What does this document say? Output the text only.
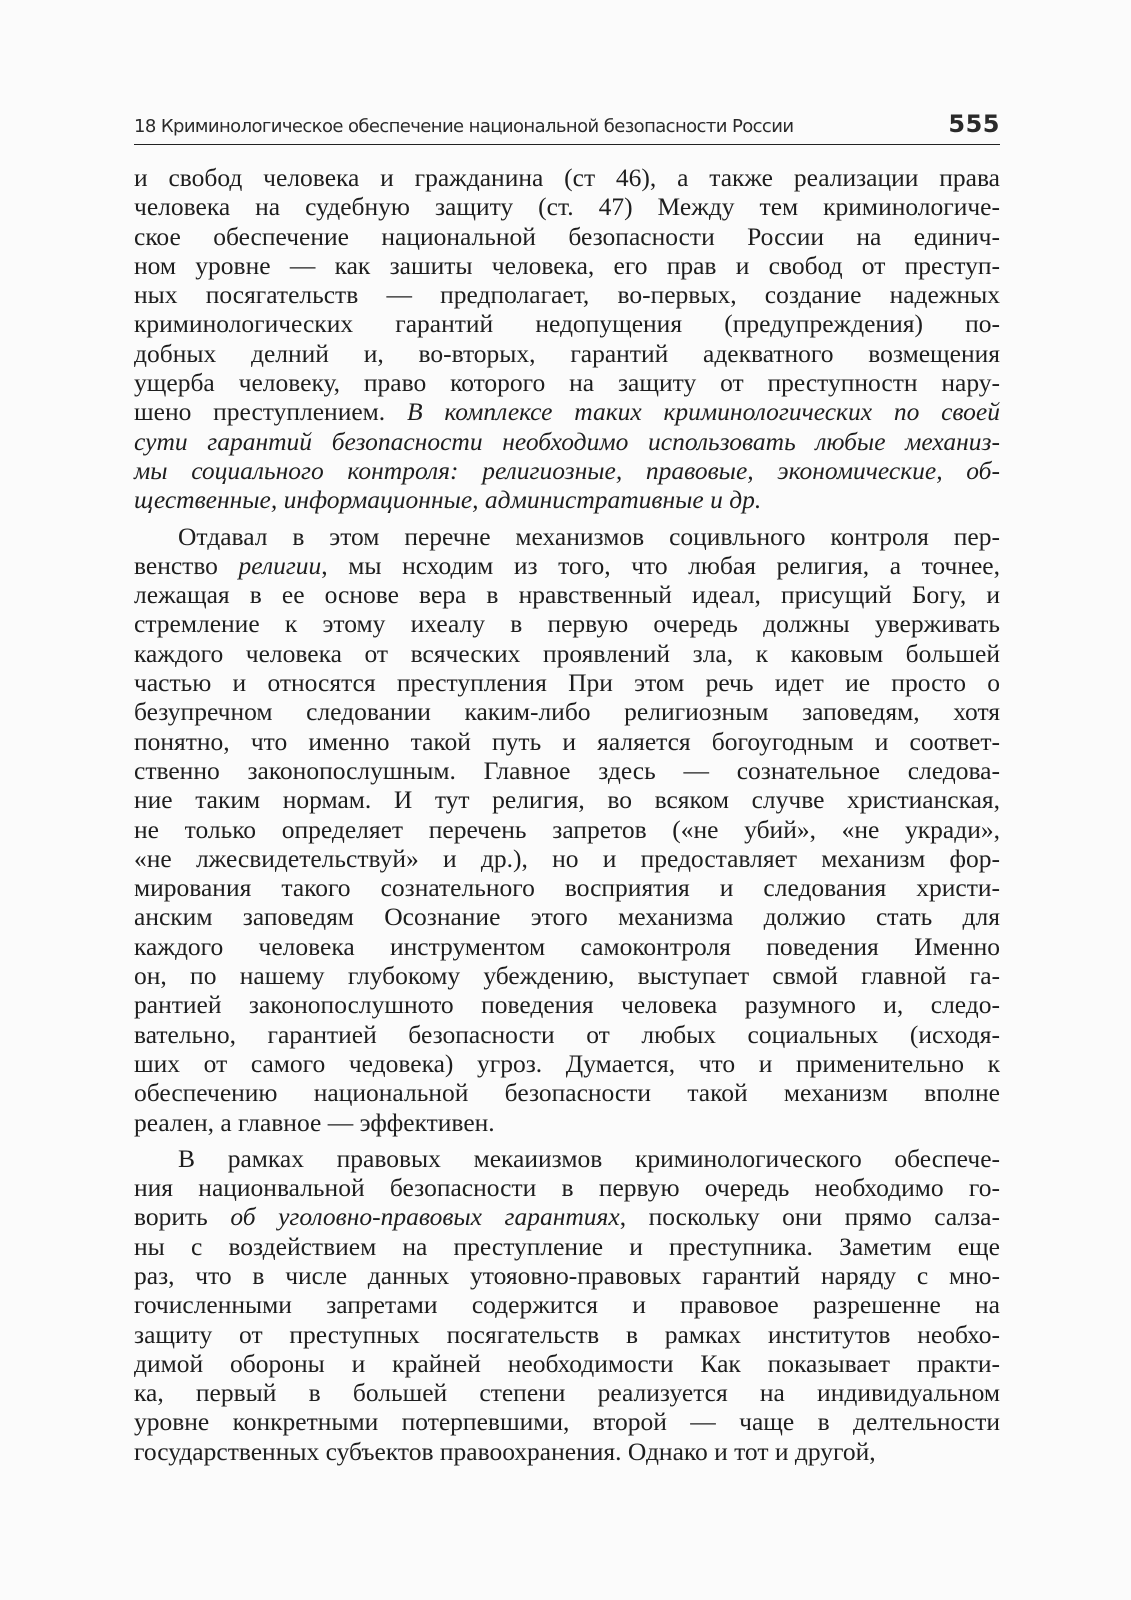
18 Криминологическое обеспечение национальной безопасности России	555
и свобод человека и гражданина (ст 46), а также реализации права
человека на судебную защиту (ст. 47) Между тем криминологиче-
ское обеспечение национальной безопасности России на единич-
ном уровне — как зашиты человека, его прав и свобод от преступ-
ных посягательств — предполагает, во-первых, создание надежных
криминологических гарантий недопущения (предупреждения) по-
добных делний и, во-вторых, гарантий адекватного возмещения
ущерба человеку, право которого на защиту от преступностн нару-
шено преступлением. В комплексе таких криминологических по своей
сути гарантий безопасности необходимо использовать любые механиз-
мы социального контроля: религиозные, правовые, экономические, об-
щественные, информационные, административные и др.
Отдавал в этом перечне механизмов социвльного контроля пер-
венство религии, мы нсходим из того, что любая религия, а точнее,
лежащая в ее основе вера в нравственный идеал, присущий Богу, и
стремление к этому ихеалу в первую очередь должны уверживать
каждого человека от всяческих проявлений зла, к каковым большей
частью и относятся преступления При этом речь идет ие просто о
безупречном следовании каким-либо религиозным заповедям, хотя
понятно, что именно такой путь и яаляется богоугодным и соответ-
ственно законопослушным. Главное здесь — сознательное следова-
ние таким нормам. И тут религия, во всяком случве христианская,
не только определяет перечень запретов («не убий», «не укради»,
«не лжесвидетельствуй» и др.), но и предоставляет механизм фор-
мирования такого сознательного восприятия и следования христи-
анским заповедям Осознание этого механизма должио стать для
каждого человека инструментом самоконтроля поведения Именно
он, по нашему глубокому убеждению, выступает свмой главной га-
рантией законопослушното поведения человека разумного и, следо-
вательно, гарантией безопасности от любых социальных (исходя-
ших от самого чедовека) угроз. Думается, что и применительно к
обеспечению национальной безопасности такой механизм вполне
реален, а главное — эффективен.
В рамках правовых мекаиизмов криминологического обеспече-
ния национвальной безопасности в первую очередь необходимо го-
ворить об уголовно-правовых гарантиях, поскольку они прямо салза-
ны с воздействием на преступление и преступника. Заметим еще
раз, что в числе данных утояовно-правовых гарантий наряду с мно-
гочисленными запретами содержится и правовое разрешенне на
защиту от преступных посягательств в рамках институтов необхо-
димой обороны и крайней необходимости Как показывает практи-
ка, первый в большей степени реализуется на индивидуальном
уровне конкретными потерпевшими, второй — чаще в делтельности
государственных субъектов правоохранения. Однако и тот и другой,
